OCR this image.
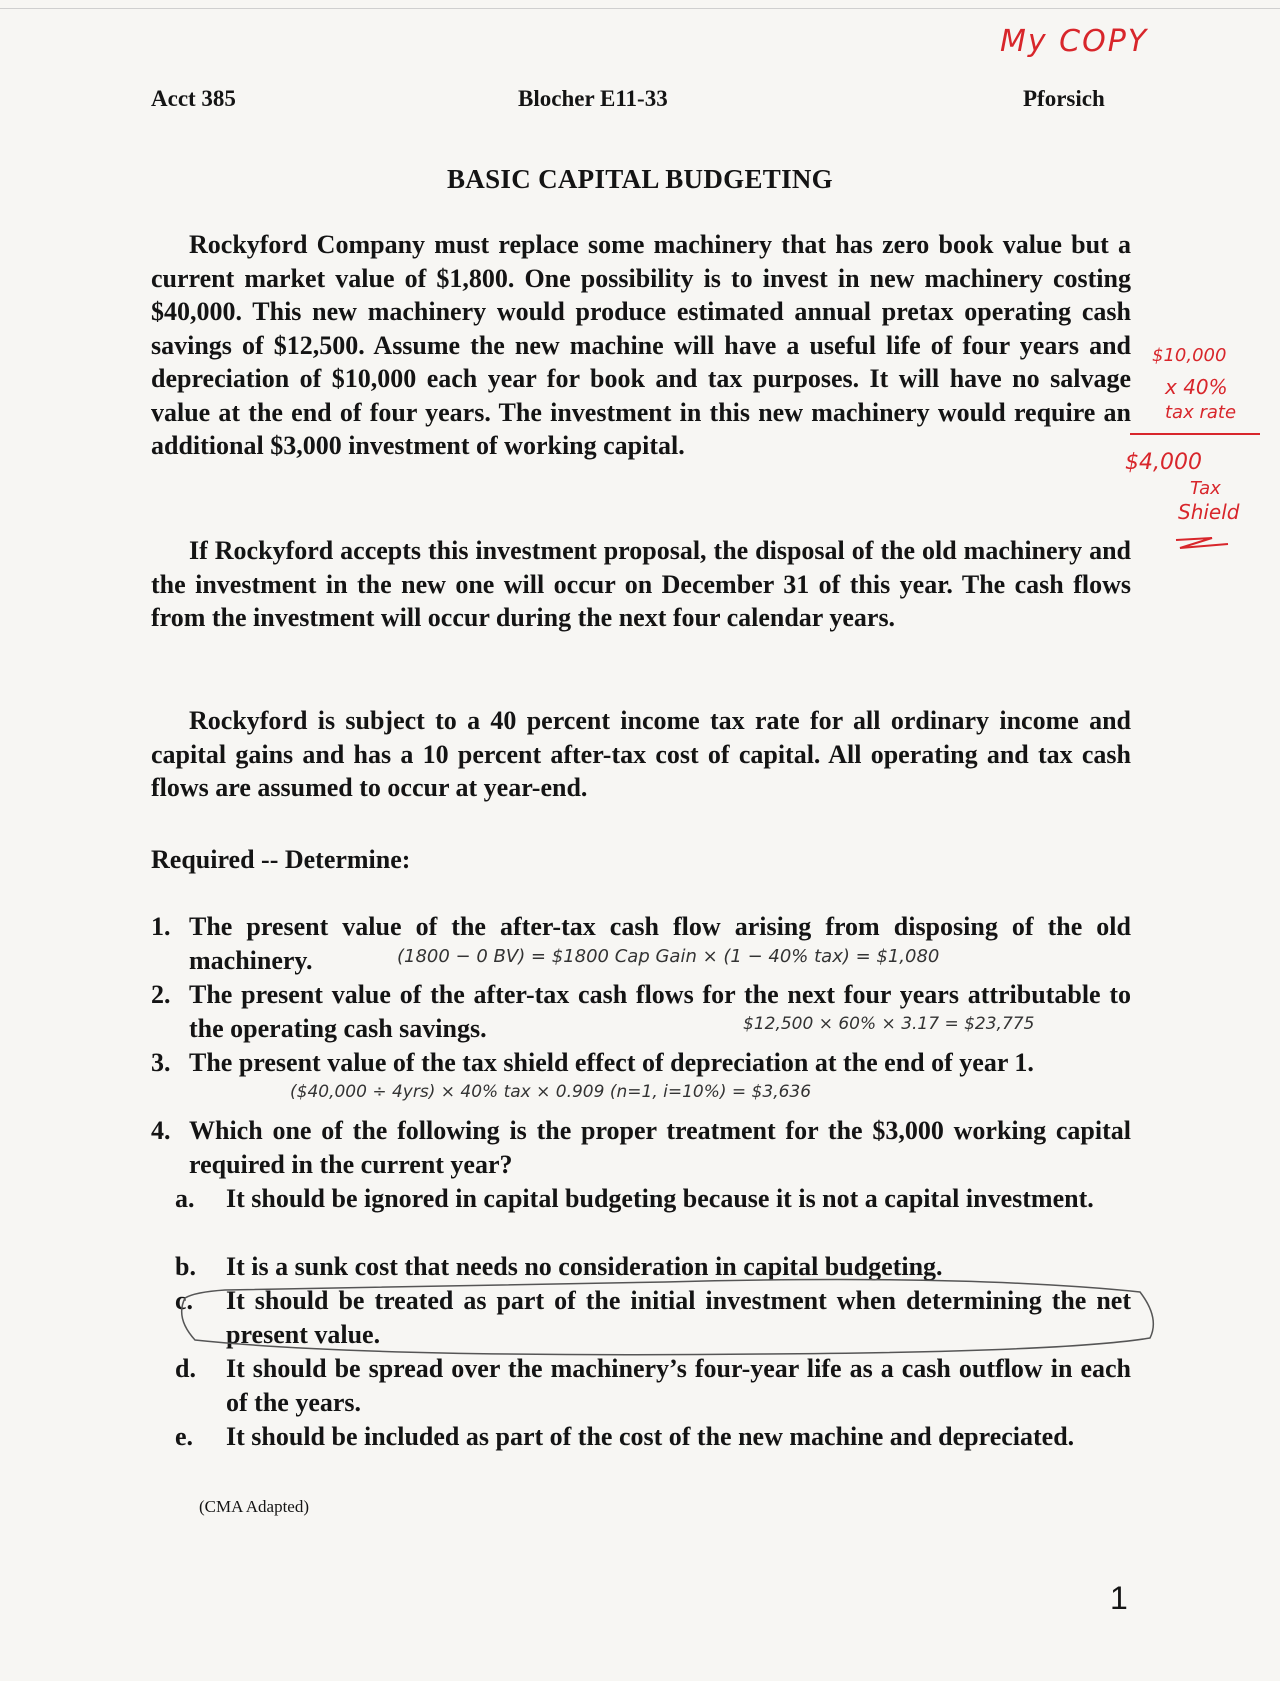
Acct 385	Blocher E11-33	Pforsich
My COPY
BASIC CAPITAL BUDGETING

Rockyford Company must replace some machinery that has zero book value but a current market value of $1,800. One possibility is to invest in new machinery costing $40,000. This new machinery would produce estimated annual pretax operating cash savings of $12,500. Assume the new machine will have a useful life of four years and depreciation of $10,000 each year for book and tax purposes. It will have no salvage value at the end of four years. The investment in this new machinery would require an additional $3,000 investment of working capital.

If Rockyford accepts this investment proposal, the disposal of the old machinery and the investment in the new one will occur on December 31 of this year. The cash flows from the investment will occur during the next four calendar years.

Rockyford is subject to a 40 percent income tax rate for all ordinary income and capital gains and has a 10 percent after-tax cost of capital. All operating and tax cash flows are assumed to occur at year-end.

$10,000
x 40%
tax rate
$4,000
Tax
Shield
Required -- Determine:
1. The present value of the after-tax cash flow arising from disposing of the old machinery.	(1800 − 0 BV) = $1800 Cap Gain × (1 − 40% tax) = $1,080
2. The present value of the after-tax cash flows for the next four years attributable to the operating cash savings.	$12,500 × 60% × 3.17 = $23,775
3. The present value of the tax shield effect of depreciation at the end of year 1.
($40,000 ÷ 4yrs) × 40% tax × 0.909 (n=1, i=10%) = $3,636
4. Which one of the following is the proper treatment for the $3,000 working capital required in the current year?
a. It should be ignored in capital budgeting because it is not a capital investment.
b. It is a sunk cost that needs no consideration in capital budgeting.
c. It should be treated as part of the initial investment when determining the net present value.
d. It should be spread over the machinery’s four-year life as a cash outflow in each of the years.
e. It should be included as part of the cost of the new machine and depreciated.
(CMA Adapted)
1
